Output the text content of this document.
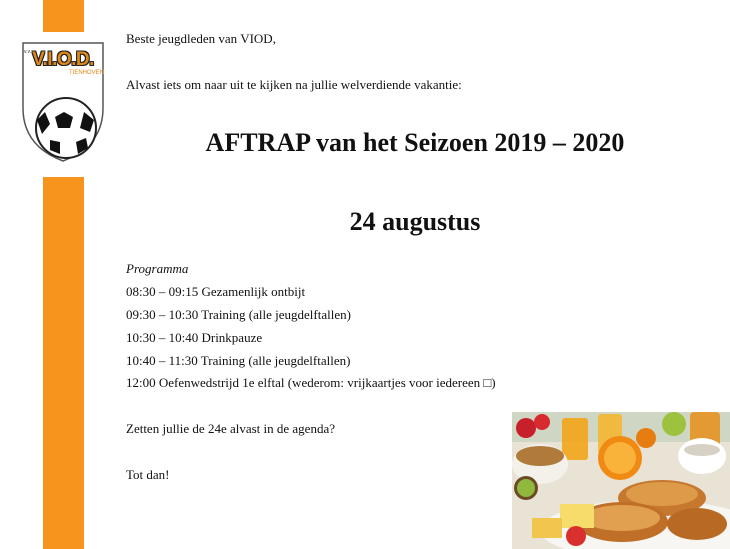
v.v. V.I.O.D.
TIENHOVEN
Beste jeugdleden van VIOD,
Alvast iets om naar uit te kijken na jullie welverdiende vakantie:
AFTRAP van het Seizoen 2019 – 2020
24 augustus
Programma
08:30 – 09:15 Gezamenlijk ontbijt
09:30 – 10:30 Training (alle jeugdelftallen)
10:30 – 10:40 Drinkpauze
10:40 – 11:30 Training (alle jeugdelftallen)
12:00 Oefenwedstrijd 1e elftal (wederom: vrijkaartjes voor iedereen □)
Zetten jullie de 24e alvast in de agenda?
Tot dan!
